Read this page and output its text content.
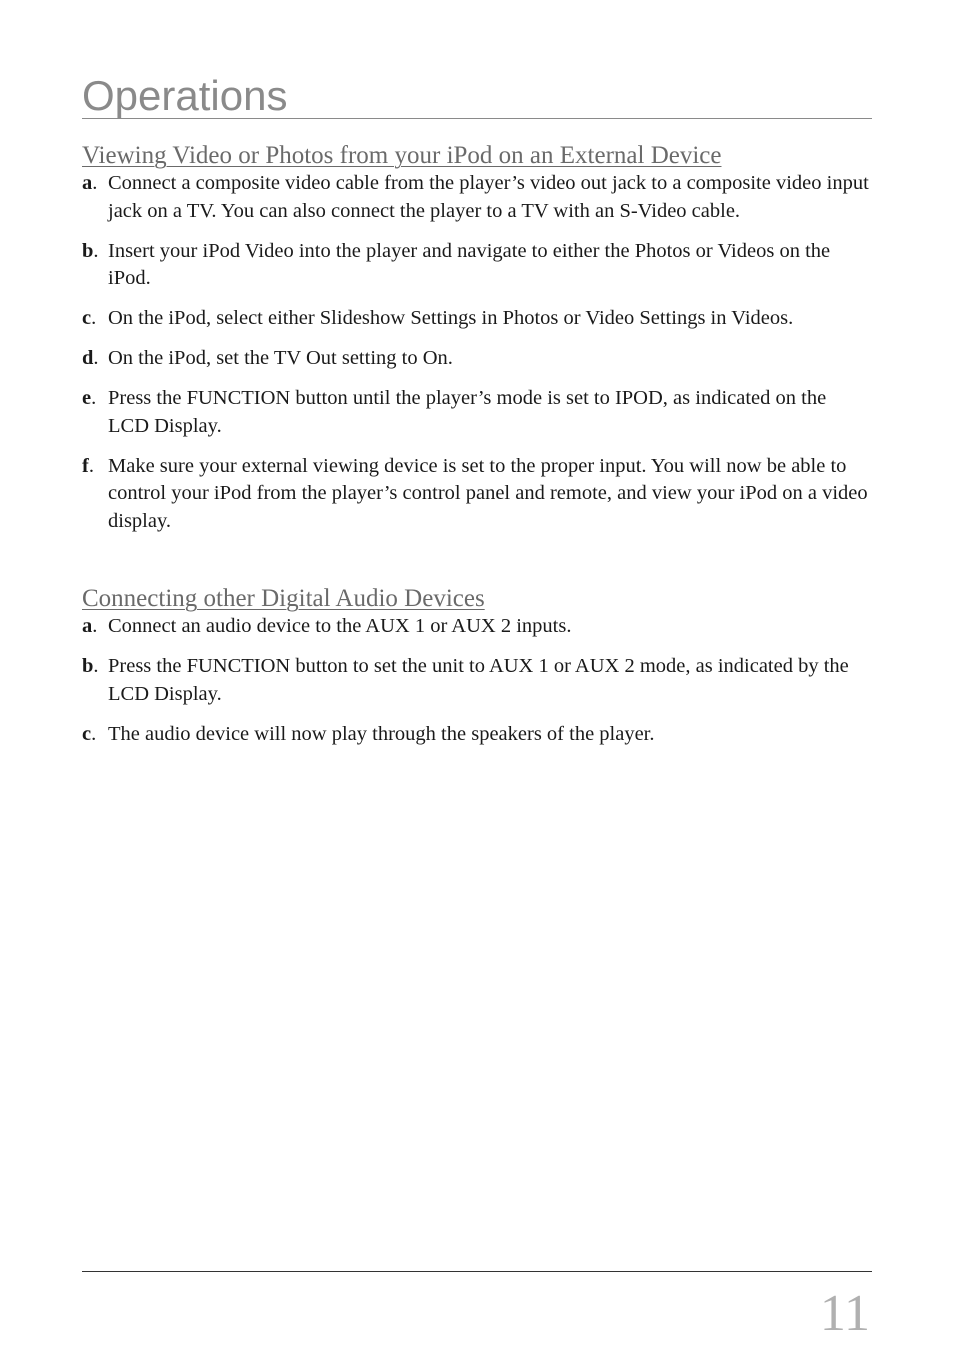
Operations
Viewing Video or Photos from your iPod on an External Device
a. Connect a composite video cable from the player’s video out jack to a composite video input jack on a TV. You can also connect the player to a TV with an S-Video cable.
b. Insert your iPod Video into the player and navigate to either the Photos or Videos on the iPod.
c. On the iPod, select either Slideshow Settings in Photos or Video Settings in Videos.
d. On the iPod, set the TV Out setting to On.
e. Press the FUNCTION button until the player’s mode is set to IPOD, as indicated on the LCD Display.
f. Make sure your external viewing device is set to the proper input. You will now be able to control your iPod from the player’s control panel and remote, and view your iPod on a video display.
Connecting other Digital Audio Devices
a. Connect an audio device to the AUX 1 or AUX 2 inputs.
b. Press the FUNCTION button to set the unit to AUX 1 or AUX 2 mode, as indicated by the LCD Display.
c. The audio device will now play through the speakers of the player.
11
